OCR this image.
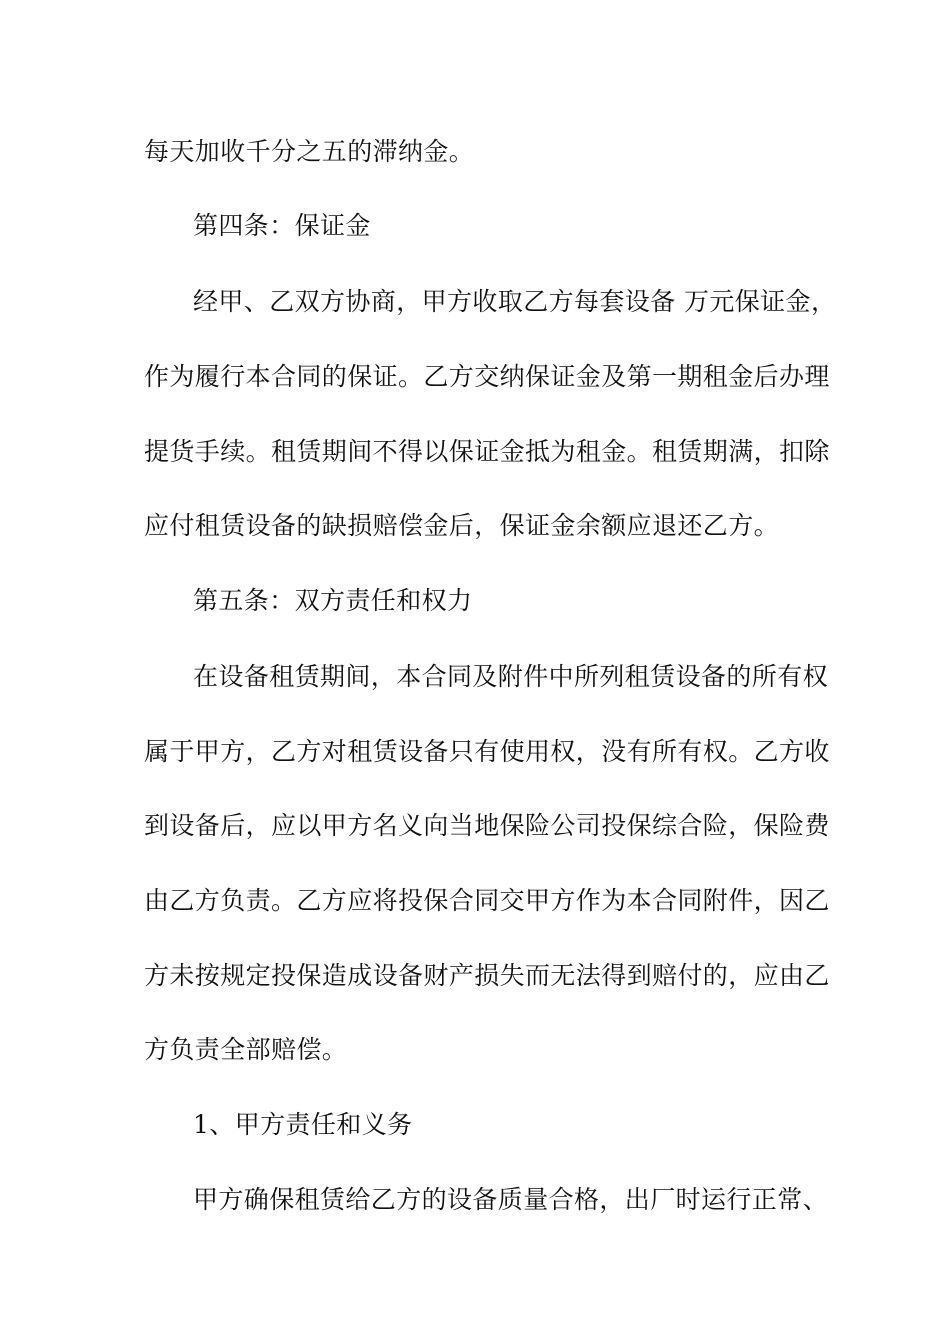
每天加收千分之五的滞纳金。
第四条：保证金
经甲、乙双方协商，甲方收取乙方每套设备 万元保证金，
作为履行本合同的保证。乙方交纳保证金及第一期租金后办理
提货手续。租赁期间不得以保证金抵为租金。租赁期满，扣除
应付租赁设备的缺损赔偿金后，保证金余额应退还乙方。
第五条：双方责任和权力
在设备租赁期间，本合同及附件中所列租赁设备的所有权
属于甲方，乙方对租赁设备只有使用权，没有所有权。乙方收
到设备后，应以甲方名义向当地保险公司投保综合险，保险费
由乙方负责。乙方应将投保合同交甲方作为本合同附件，因乙
方未按规定投保造成设备财产损失而无法得到赔付的，应由乙
方负责全部赔偿。
1、甲方责任和义务
甲方确保租赁给乙方的设备质量合格，出厂时运行正常、
